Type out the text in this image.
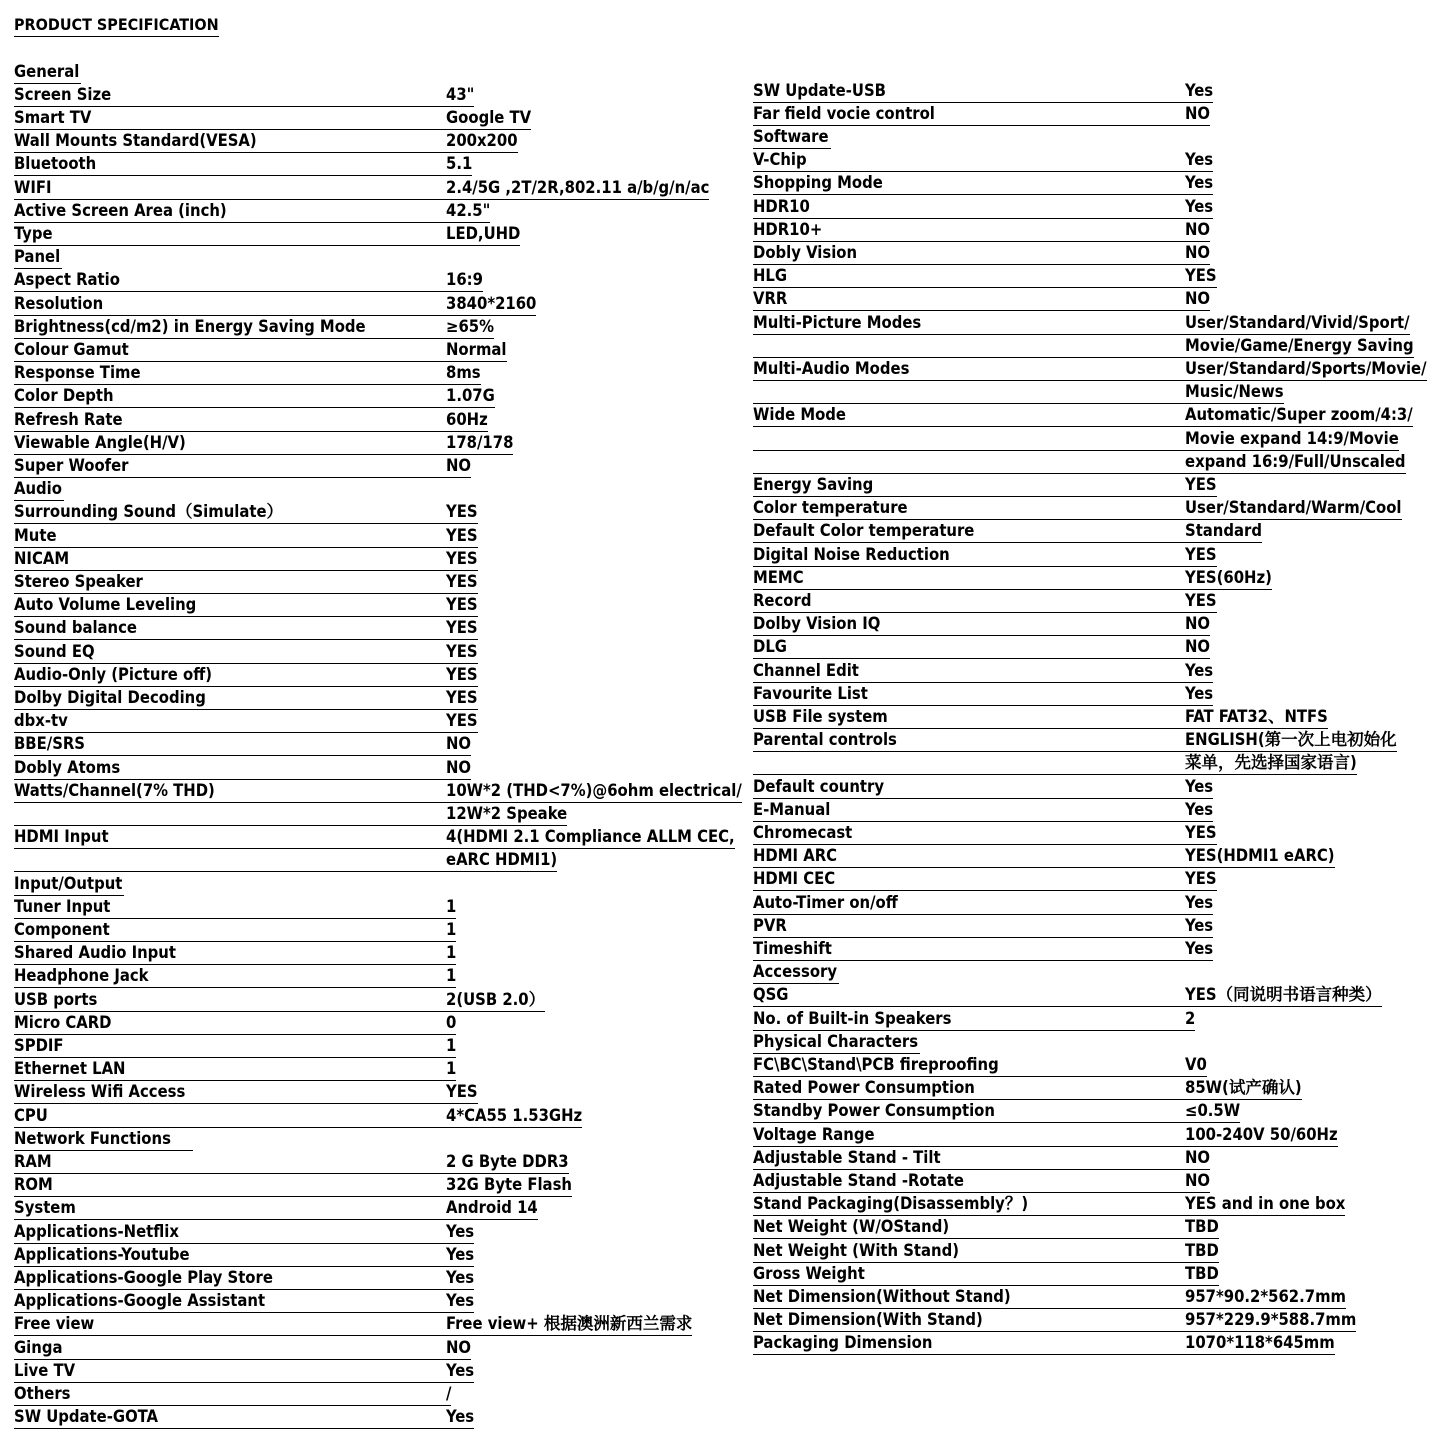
PRODUCT SPECIFICATION
General
Screen Size	43"
Smart TV	Google TV
Wall Mounts Standard(VESA)	200x200
Bluetooth	5.1
WIFI	2.4/5G ,2T/2R,802.11 a/b/g/n/ac
Active Screen Area (inch)	42.5"
Type	LED,UHD
Panel
Aspect Ratio	16:9
Resolution	3840*2160
Brightness(cd/m2) in Energy Saving Mode	≥65%
Colour Gamut	Normal
Response Time	8ms
Color Depth	1.07G
Refresh Rate	60Hz
Viewable Angle(H/V)	178/178
Super Woofer	NO
Audio
Surrounding Sound（Simulate）	YES
Mute	YES
NICAM	YES
Stereo Speaker	YES
Auto Volume Leveling	YES
Sound balance	YES
Sound EQ	YES
Audio-Only (Picture off)	YES
Dolby Digital Decoding	YES
dbx-tv	YES
BBE/SRS	NO
Dobly Atoms	NO
Watts/Channel(7% THD)	10W*2 (THD<7%)@6ohm electrical/
12W*2 Speake
HDMI Input	4(HDMI 2.1 Compliance ALLM CEC,
eARC HDMI1)
Input/Output
Tuner Input	1
Component	1
Shared Audio Input	1
Headphone Jack	1
USB ports	2(USB 2.0）
Micro CARD	0
SPDIF	1
Ethernet LAN	1
Wireless Wifi Access	YES
CPU	4*CA55 1.53GHz
Network Functions
RAM	2 G Byte DDR3
ROM	32G Byte Flash
System	Android 14
Applications-Netflix	Yes
Applications-Youtube	Yes
Applications-Google Play Store	Yes
Applications-Google Assistant	Yes
Free view	Free view+ 根据澳洲新西兰需求
Ginga	NO
Live TV	Yes
Others	/
SW Update-GOTA	Yes
SW Update-USB	Yes
Far field vocie control	NO
Software
V-Chip	Yes
Shopping Mode	Yes
HDR10	Yes
HDR10+	NO
Dobly Vision	NO
HLG	YES
VRR	NO
Multi-Picture Modes	User/Standard/Vivid/Sport/
Movie/Game/Energy Saving
Multi-Audio Modes	User/Standard/Sports/Movie/
Music/News
Wide Mode	Automatic/Super zoom/4:3/
Movie expand 14:9/Movie
expand 16:9/Full/Unscaled
Energy Saving	YES
Color temperature	User/Standard/Warm/Cool
Default Color temperature	Standard
Digital Noise Reduction	YES
MEMC	YES(60Hz)
Record	YES
Dolby Vision IQ	NO
DLG	NO
Channel Edit	Yes
Favourite List	Yes
USB File system	FAT FAT32、NTFS
Parental controls	ENGLISH(第一次上电初始化
菜单，先选择国家语言)
Default country	Yes
E-Manual	Yes
Chromecast	YES
HDMI ARC	YES(HDMI1 eARC)
HDMI CEC	YES
Auto-Timer on/off	Yes
PVR	Yes
Timeshift	Yes
Accessory
QSG	YES（同说明书语言种类）
No. of Built-in Speakers	2
Physical Characters
FC\BC\Stand\PCB fireproofing	V0
Rated Power Consumption	85W(试产确认)
Standby Power Consumption	≤0.5W
Voltage Range	100-240V 50/60Hz
Adjustable Stand - Tilt	NO
Adjustable Stand -Rotate	NO
Stand Packaging(Disassembly？)	YES and in one box
Net Weight (W/OStand)	TBD
Net Weight (With Stand)	TBD
Gross Weight	TBD
Net Dimension(Without Stand)	957*90.2*562.7mm
Net Dimension(With Stand)	957*229.9*588.7mm
Packaging Dimension	1070*118*645mm
